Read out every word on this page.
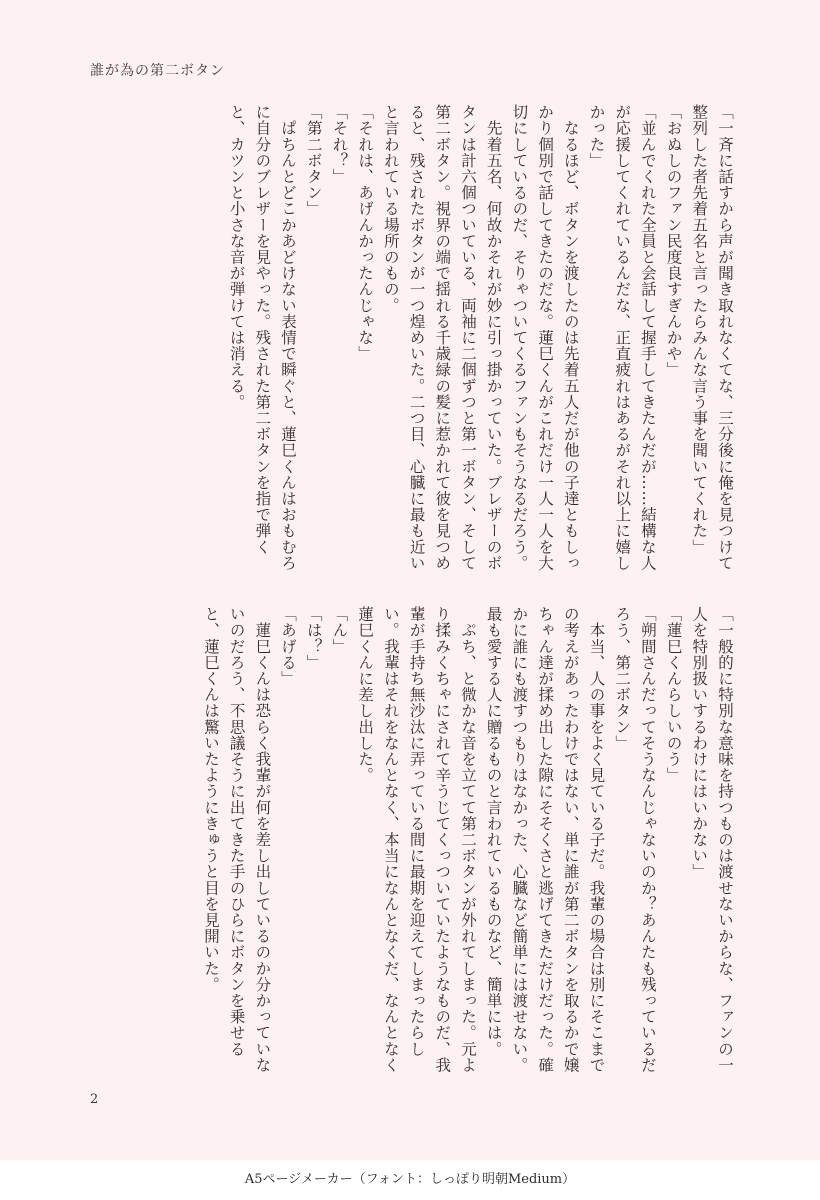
誰が為の第二ボタン

「一斉に話すから声が聞き取れなくてな、三分後に俺を見つけて整列した者先着五名と言ったらみんな言う事を聞いてくれた」

「おぬしのファン民度良すぎんかや」

「並んでくれた全員と会話して握手してきたんだが……結構な人が応援してくれているんだな、正直疲れはあるがそれ以上に嬉しかった」

　なるほど、ボタンを渡したのは先着五人だが他の子達ともしっかり個別で話してきたのだな。蓮巳くんがこれだけ一人一人を大切にしているのだ、そりゃついてくるファンもそうなるだろう。

　先着五名、何故かそれが妙に引っ掛かっていた。ブレザーのボタンは計六個ついている、両袖に二個ずつと第一ボタン、そして第二ボタン。視界の端で揺れる千歳緑の髪に惹かれて彼を見つめると、残されたボタンが一つ煌めいた。二つ目、心臓に最も近いと言われている場所のもの。

「それは、あげんかったんじゃな」

「それ？」

「第二ボタン」

　ぱちんとどこかあどけない表情で瞬ぐと、蓮巳くんはおもむろに自分のブレザーを見やった。残された第二ボタンを指で弾くと、カツンと小さな音が弾けては消える。

「一般的に特別な意味を持つものは渡せないからな、ファンの一人を特別扱いするわけにはいかない」

「蓮巳くんらしいのう」

「朔間さんだってそうなんじゃないのか？あんたも残っているだろう、第二ボタン」

　本当、人の事をよく見ている子だ。我輩の場合は別にそこまでの考えがあったわけではない、単に誰が第二ボタンを取るかで嬢ちゃん達が揉め出した隙にそそくさと逃げてきただけだった。確かに誰にも渡すつもりはなかった、心臓など簡単には渡せない。最も愛する人に贈るものと言われているものなど、簡単には。

　ぷち、と微かな音を立てて第二ボタンが外れてしまった。元より揉みくちゃにされて辛うじてくっついていたようなものだ、我輩が手持ち無沙汰に弄っている間に最期を迎えてしまったらしい。我輩はそれをなんとなく、本当になんとなくだ、なんとなく蓮巳くんに差し出した。

「ん」

「は？」

「あげる」

　蓮巳くんは恐らく我輩が何を差し出しているのか分かっていないのだろう、不思議そうに出てきた手のひらにボタンを乗せると、蓮巳くんは驚いたようにきゅうと目を見開いた。

2
A5ページメーカー（フォント：しっぽり明朝Medium）
